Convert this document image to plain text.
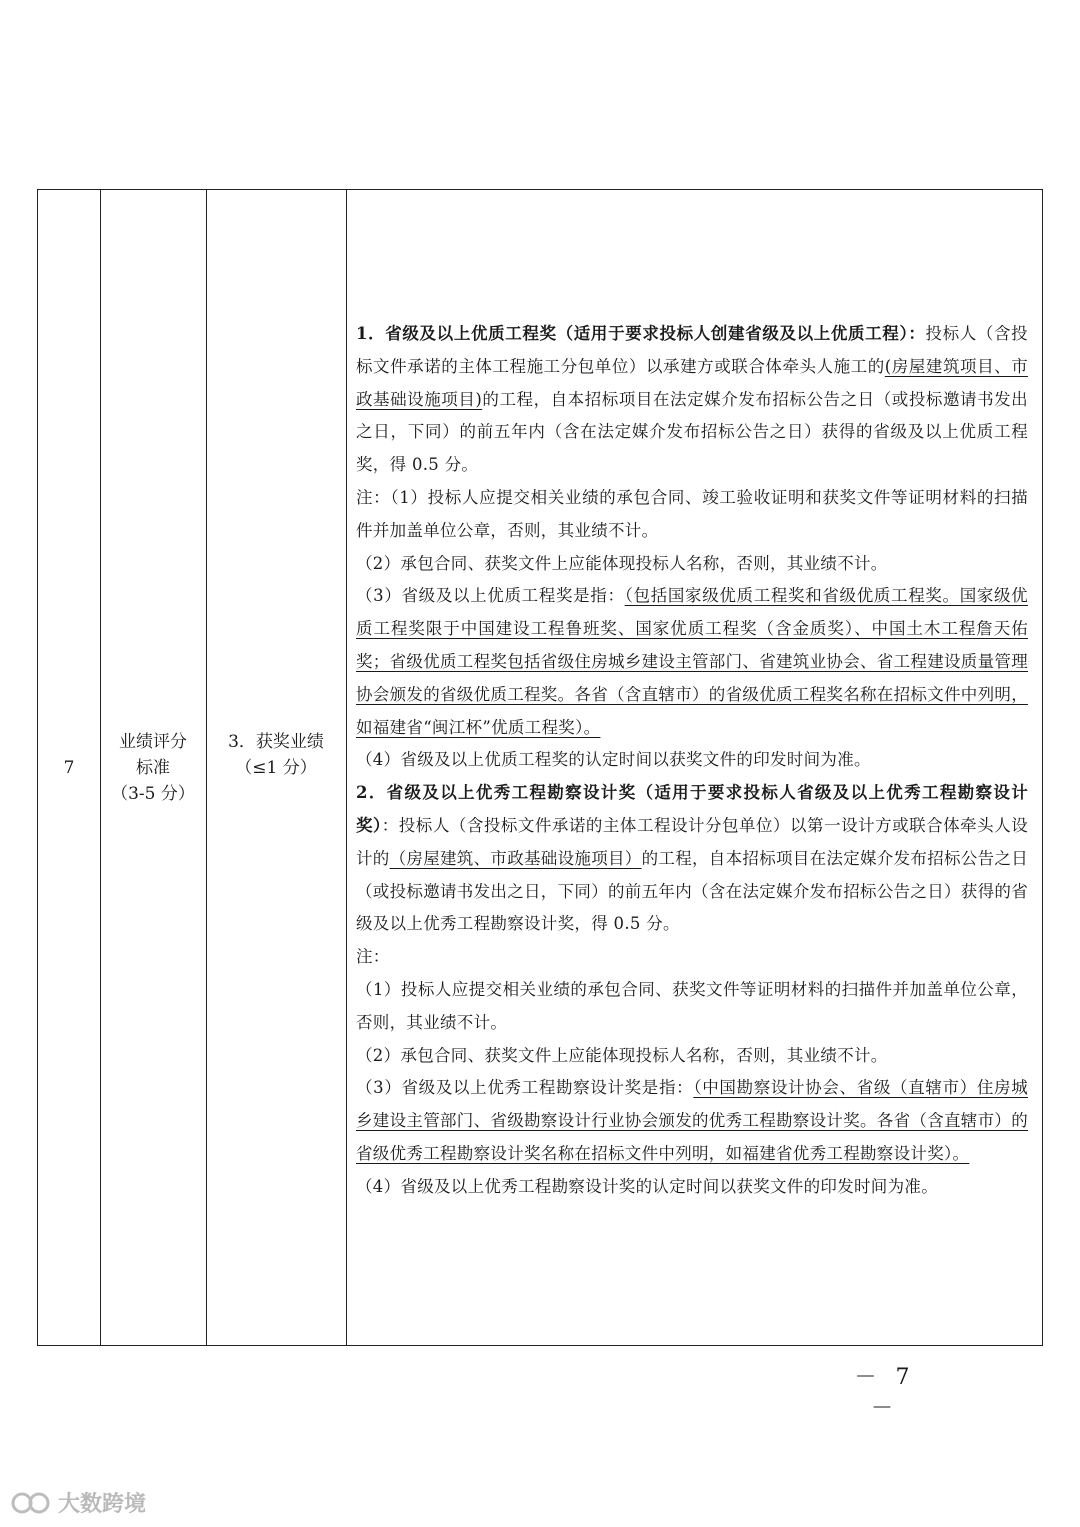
7
业绩评分
标准
（3-5 分）
3．获奖业绩
（≤1 分）

1．省级及以上优质工程奖（适用于要求投标人创建省级及以上优质工程）：投标人（含投标文件承诺的主体工程施工分包单位）以承建方或联合体牵头人施工的(房屋建筑项目、市政基础设施项目)的工程，自本招标项目在法定媒介发布招标公告之日（或投标邀请书发出之日，下同）的前五年内（含在法定媒介发布招标公告之日）获得的省级及以上优质工程奖，得 0.5 分。

注：（1）投标人应提交相关业绩的承包合同、竣工验收证明和获奖文件等证明材料的扫描件并加盖单位公章，否则，其业绩不计。

（2）承包合同、获奖文件上应能体现投标人名称，否则，其业绩不计。

（3）省级及以上优质工程奖是指：（包括国家级优质工程奖和省级优质工程奖。国家级优质工程奖限于中国建设工程鲁班奖、国家优质工程奖（含金质奖）、中国土木工程詹天佑奖；省级优质工程奖包括省级住房城乡建设主管部门、省建筑业协会、省工程建设质量管理协会颁发的省级优质工程奖。各省（含直辖市）的省级优质工程奖名称在招标文件中列明，如福建省“闽江杯”优质工程奖）。

（4）省级及以上优质工程奖的认定时间以获奖文件的印发时间为准。

2．省级及以上优秀工程勘察设计奖（适用于要求投标人省级及以上优秀工程勘察设计奖）：投标人（含投标文件承诺的主体工程设计分包单位）以第一设计方或联合体牵头人设计的（房屋建筑、市政基础设施项目）的工程，自本招标项目在法定媒介发布招标公告之日（或投标邀请书发出之日，下同）的前五年内（含在法定媒介发布招标公告之日）获得的省级及以上优秀工程勘察设计奖，得 0.5 分。

注：

（1）投标人应提交相关业绩的承包合同、获奖文件等证明材料的扫描件并加盖单位公章，否则，其业绩不计。

（2）承包合同、获奖文件上应能体现投标人名称，否则，其业绩不计。

（3）省级及以上优秀工程勘察设计奖是指：（中国勘察设计协会、省级（直辖市）住房城乡建设主管部门、省级勘察设计行业协会颁发的优秀工程勘察设计奖。各省（含直辖市）的省级优秀工程勘察设计奖名称在招标文件中列明，如福建省优秀工程勘察设计奖）。

（4）省级及以上优秀工程勘察设计奖的认定时间以获奖文件的印发时间为准。

－ 7 －
大数跨境
